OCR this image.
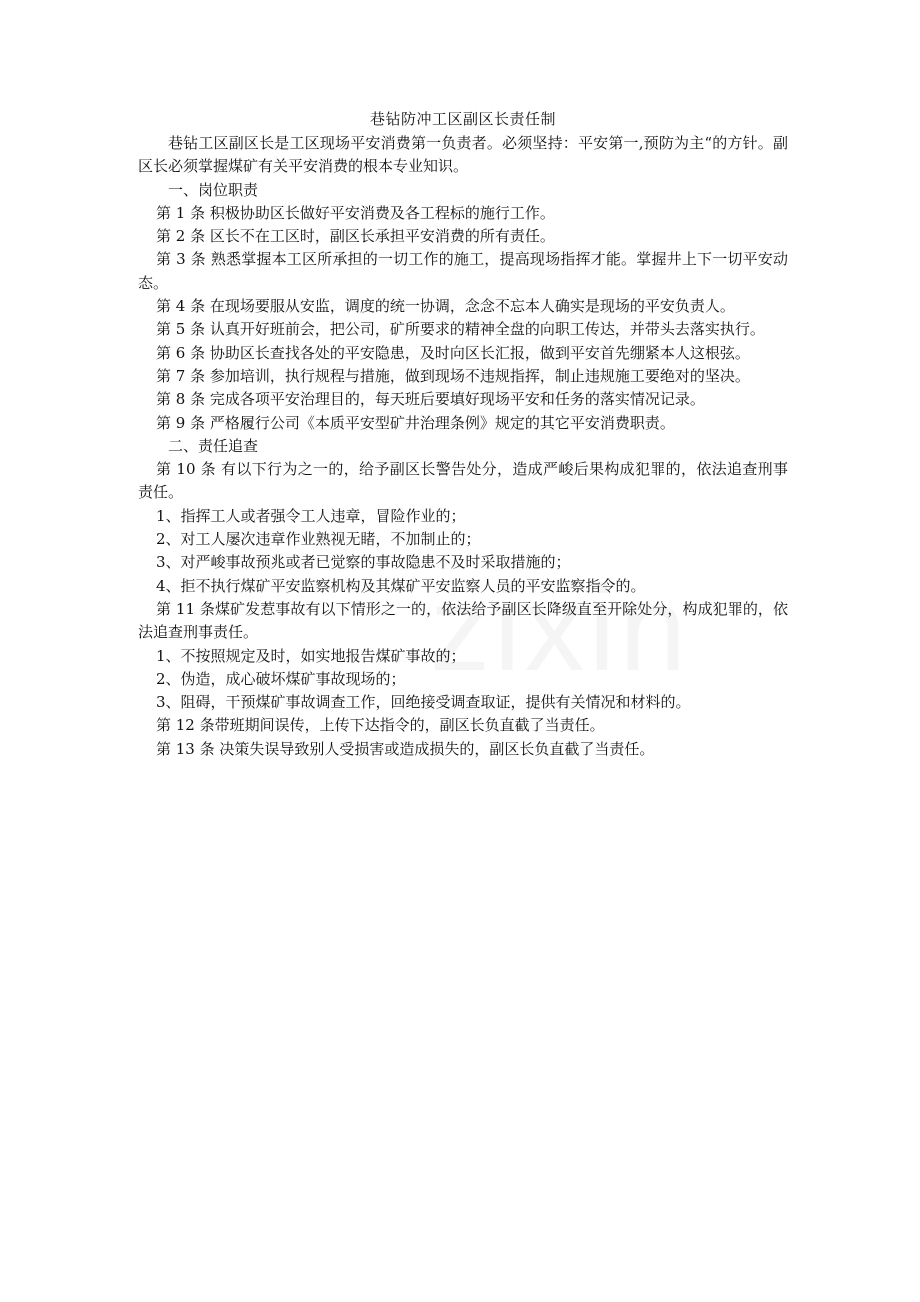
巷钻防冲工区副区长责任制

巷钻工区副区长是工区现场平安消费第一负责者。必须坚持：平安第一,预防为主“的方针。副区长必须掌握煤矿有关平安消费的根本专业知识。

一、岗位职责

第 1 条 积极协助区长做好平安消费及各工程标的施行工作。

第 2 条 区长不在工区时，副区长承担平安消费的所有责任。

第 3 条 熟悉掌握本工区所承担的一切工作的施工，提高现场指挥才能。掌握井上下一切平安动态。

第 4 条 在现场要服从安监，调度的统一协调，念念不忘本人确实是现场的平安负责人。

第 5 条 认真开好班前会，把公司，矿所要求的精神全盘的向职工传达，并带头去落实执行。

第 6 条 协助区长查找各处的平安隐患，及时向区长汇报，做到平安首先绷紧本人这根弦。

第 7 条 参加培训，执行规程与措施，做到现场不违规指挥，制止违规施工要绝对的坚决。

第 8 条 完成各项平安治理目的，每天班后要填好现场平安和任务的落实情况记录。

第 9 条 严格履行公司《本质平安型矿井治理条例》规定的其它平安消费职责。

二、责任追查

第 10 条 有以下行为之一的，给予副区长警告处分，造成严峻后果构成犯罪的，依法追查刑事责任。

1、指挥工人或者强令工人违章，冒险作业的；

2、对工人屡次违章作业熟视无睹，不加制止的；

3、对严峻事故预兆或者已觉察的事故隐患不及时采取措施的；

4、拒不执行煤矿平安监察机构及其煤矿平安监察人员的平安监察指令的。

第 11 条煤矿发惹事故有以下情形之一的，依法给予副区长降级直至开除处分，构成犯罪的，依法追查刑事责任。

1、不按照规定及时，如实地报告煤矿事故的；

2、伪造，成心破坏煤矿事故现场的；

3、阻碍，干预煤矿事故调查工作，回绝接受调查取证，提供有关情况和材料的。

第 12 条带班期间误传，上传下达指令的，副区长负直截了当责任。

第 13 条 决策失误导致别人受损害或造成损失的，副区长负直截了当责任。
